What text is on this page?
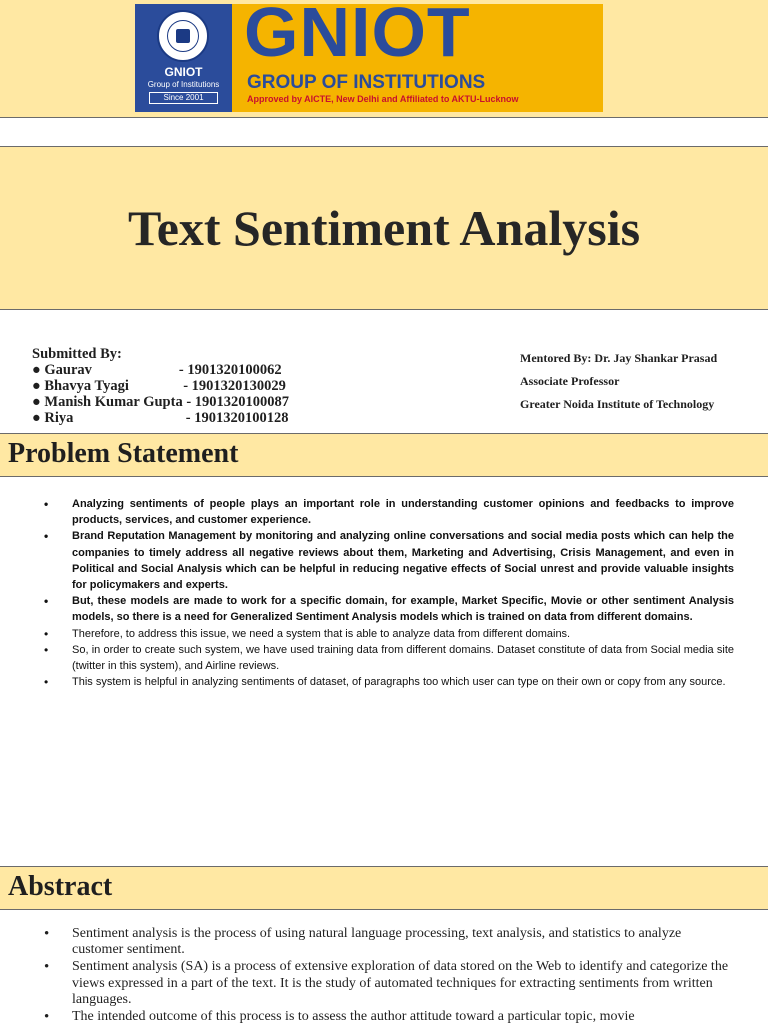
GNIOT
Group of Institutions
Since 2001
GNIOT
GROUP OF INSTITUTIONS
Approved by AICTE, New Delhi and Affiliated to AKTU-Lucknow
Text Sentiment Analysis
Submitted By:
● Gaurav                        - 1901320100062
● Bhavya Tyagi               - 1901320130029
● Manish Kumar Gupta - 1901320100087
● Riya                               - 1901320100128
Mentored By: Dr. Jay Shankar Prasad
Associate Professor
Greater Noida Institute of Technology
Problem Statement
• Analyzing sentiments of people plays an important role in understanding customer opinions and feedbacks to improve products, services, and customer experience.
• Brand Reputation Management by monitoring and analyzing online conversations and social media posts which can help the companies to timely address all negative reviews about them, Marketing and Advertising, Crisis Management, and even in Political and Social Analysis which can be helpful in reducing negative effects of Social unrest and provide valuable insights for policymakers and experts.
• But, these models are made to work for a specific domain, for example, Market Specific, Movie or other sentiment Analysis models, so there is a need for Generalized Sentiment Analysis models which is trained on data from different domains.
• Therefore, to address this issue, we need a system that is able to analyze data from different domains.
• So, in order to create such system, we have used training data from different domains. Dataset constitute of data from Social media site (twitter in this system), and Airline reviews.
• This system is helpful in analyzing sentiments of dataset, of paragraphs too which user can type on their own or copy from any source.
Abstract
• Sentiment analysis is the process of using natural language processing, text analysis, and statistics to analyze customer sentiment.
• Sentiment analysis (SA) is a process of extensive exploration of data stored on the Web to identify and categorize the views expressed in a part of the text. It is the study of automated techniques for extracting sentiments from written languages.
• The intended outcome of this process is to assess the author attitude toward a particular topic, movie
